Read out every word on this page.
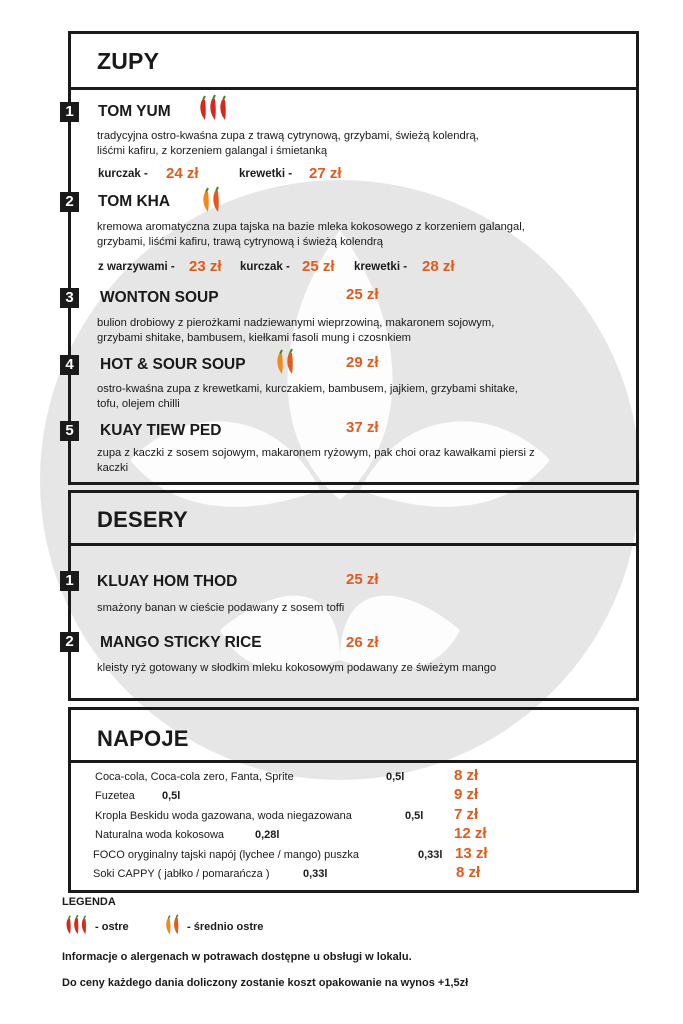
ZUPY
1	TOM YUM
tradycyjna ostro-kwaśna zupa z trawą cytrynową, grzybami, świeżą kolendrą,
liśćmi kafiru, z korzeniem galangal i śmietanką
kurczak - 24 zł	krewetki - 27 zł
2	TOM KHA
kremowa aromatyczna zupa tajska na bazie mleka kokosowego z korzeniem galangal,
grzybami, liśćmi kafiru, trawą cytrynową i świeżą kolendrą
z warzywami - 23 zł kurczak - 25 zł krewetki - 28 zł
3	WONTON SOUP	25 zł
bulion drobiowy z pierożkami nadziewanymi wieprzowiną, makaronem sojowym,
grzybami shitake, bambusem, kiełkami fasoli mung i czosnkiem
4	HOT & SOUR SOUP	29 zł
ostro-kwaśna zupa z krewetkami, kurczakiem, bambusem, jajkiem, grzybami shitake,
tofu, olejem chilli
5	KUAY TIEW PED	37 zł
zupa z kaczki z sosem sojowym, makaronem ryżowym, pak choi oraz kawałkami piersi z
kaczki
DESERY
1	KLUAY HOM THOD	25 zł
smażony banan w cieście podawany z sosem toffi
2	MANGO STICKY RICE	26 zł
kleisty ryż gotowany w słodkim mleku kokosowym podawany ze świeżym mango
NAPOJE
Coca-cola, Coca-cola zero, Fanta, Sprite	0,5l	8 zł
Fuzetea 0,5l	9 zł
Kropla Beskidu woda gazowana, woda niegazowana	0,5l 7 zł
Naturalna woda kokosowa	0,28l	12 zł
FOCO oryginalny tajski napój (lychee / mango) puszka	0,33l 13 zł
Soki CAPPY ( jabłko / pomarańcza )	0,33l	8 zł
LEGENDA
- ostre	- średnio ostre
Informacje o alergenach w potrawach dostępne u obsługi w lokalu.
Do ceny każdego dania doliczony zostanie koszt opakowanie na wynos +1,5zł
